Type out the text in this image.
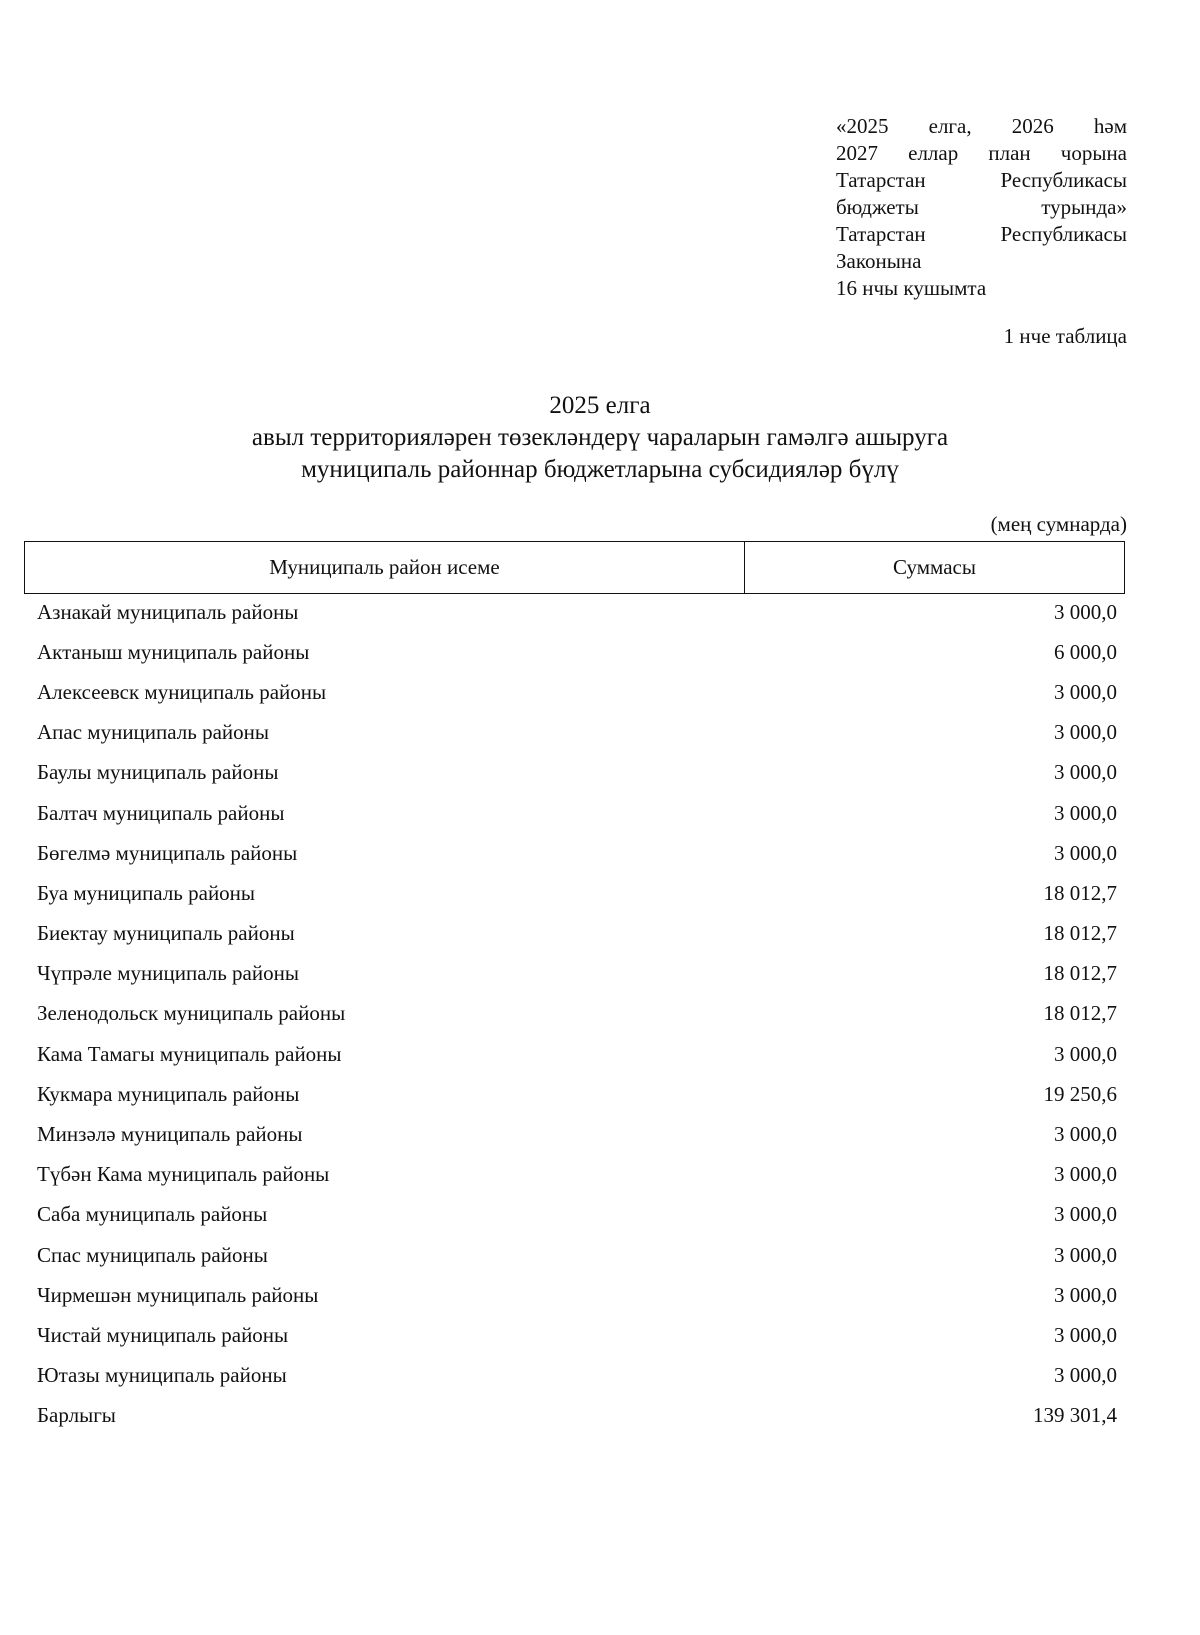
«2025 елга, 2026 һәм
2027 еллар план чорына
Татарстан Республикасы
бюджеты турында»
Татарстан Республикасы
Законына
16 нчы кушымта
1 нче таблица
2025 елга
авыл территорияләрен төзекләндерү чараларын гамәлгә ашыруга
муниципаль районнар бюджетларына субсидияләр бүлү
(мең сумнарда)
Муниципаль район исеме	Суммасы
Азнакай муниципаль районы	3 000,0
Актаныш муниципаль районы	6 000,0
Алексеевск муниципаль районы	3 000,0
Апас муниципаль районы	3 000,0
Баулы муниципаль районы	3 000,0
Балтач муниципаль районы	3 000,0
Бөгелмә муниципаль районы	3 000,0
Буа муниципаль районы	18 012,7
Биектау муниципаль районы	18 012,7
Чүпрәле муниципаль районы	18 012,7
Зеленодольск муниципаль районы	18 012,7
Кама Тамагы муниципаль районы	3 000,0
Кукмара муниципаль районы	19 250,6
Минзәлә муниципаль районы	3 000,0
Түбән Кама муниципаль районы	3 000,0
Саба муниципаль районы	3 000,0
Спас муниципаль районы	3 000,0
Чирмешән муниципаль районы	3 000,0
Чистай муниципаль районы	3 000,0
Ютазы муниципаль районы	3 000,0
Барлыгы	139 301,4
